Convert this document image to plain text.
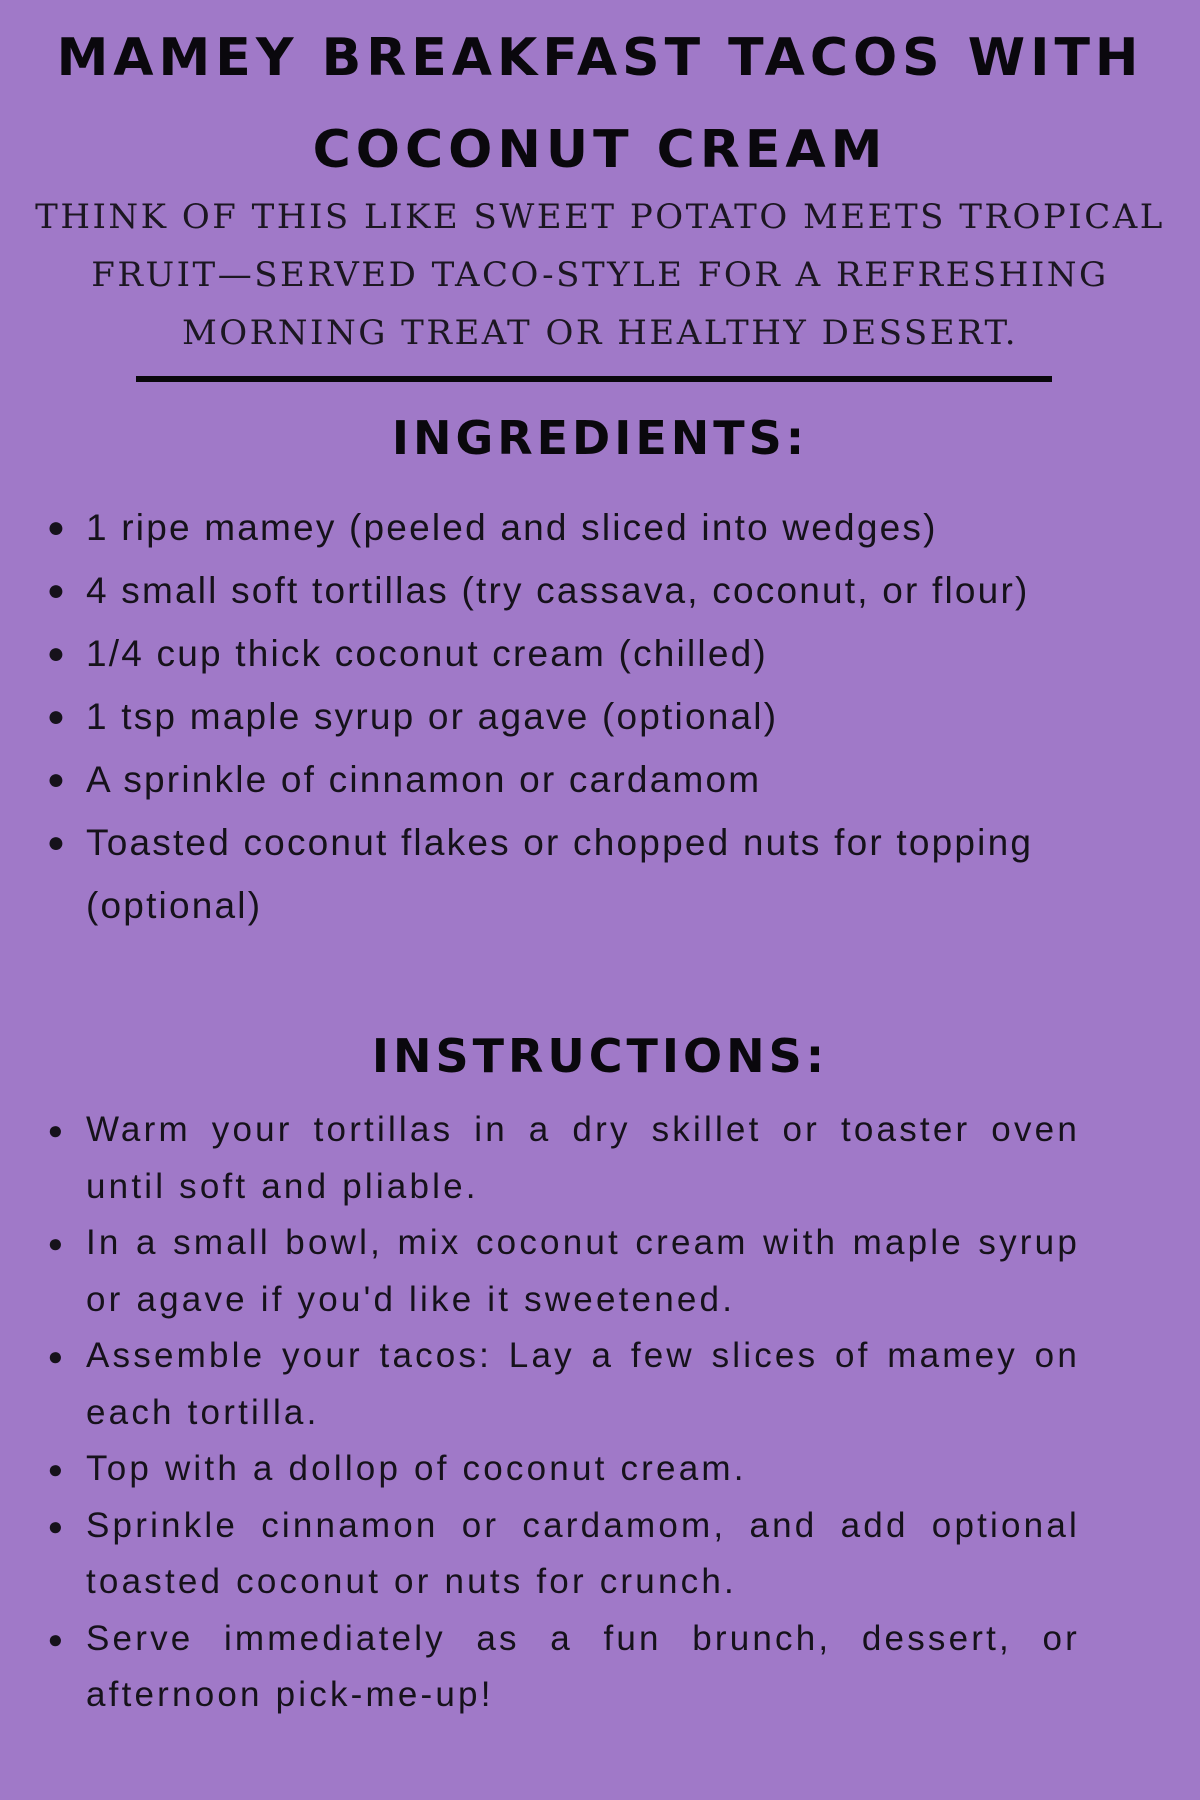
MAMEY BREAKFAST TACOS WITH COCONUT CREAM

THINK OF THIS LIKE SWEET POTATO MEETS TROPICAL FRUIT—SERVED TACO-STYLE FOR A REFRESHING MORNING TREAT OR HEALTHY DESSERT.

INGREDIENTS:
● 1 ripe mamey (peeled and sliced into wedges)
● 4 small soft tortillas (try cassava, coconut, or flour)
● 1/4 cup thick coconut cream (chilled)
● 1 tsp maple syrup or agave (optional)
● A sprinkle of cinnamon or cardamom
● Toasted coconut flakes or chopped nuts for topping (optional)
INSTRUCTIONS:
● Warm your tortillas in a dry skillet or toaster oven until soft and pliable.
● In a small bowl, mix coconut cream with maple syrup or agave if you'd like it sweetened.
● Assemble your tacos: Lay a few slices of mamey on each tortilla.
● Top with a dollop of coconut cream.
● Sprinkle cinnamon or cardamom, and add optional toasted coconut or nuts for crunch.
● Serve immediately as a fun brunch, dessert, or afternoon pick-me-up!
